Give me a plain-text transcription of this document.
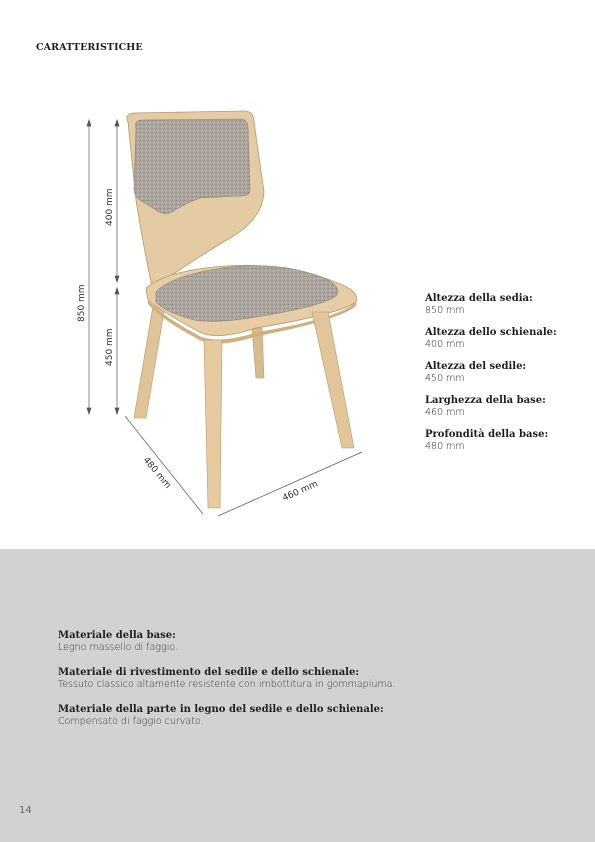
CARATTERISTICHE
850 mm
400 mm
450 mm
480 mm
460 mm
Altezza della sedia:
850 mm
Altezza dello schienale:
400 mm
Altezza del sedile:
450 mm
Larghezza della base:
460 mm
Profondità della base:
480 mm
Materiale della base:
Legno massello di faggio.
Materiale di rivestimento del sedile e dello schienale:
Tessuto classico altamente resistente con imbottitura in gommapiuma.
Materiale della parte in legno del sedile e dello schienale:
Compensato di faggio curvato.
14
